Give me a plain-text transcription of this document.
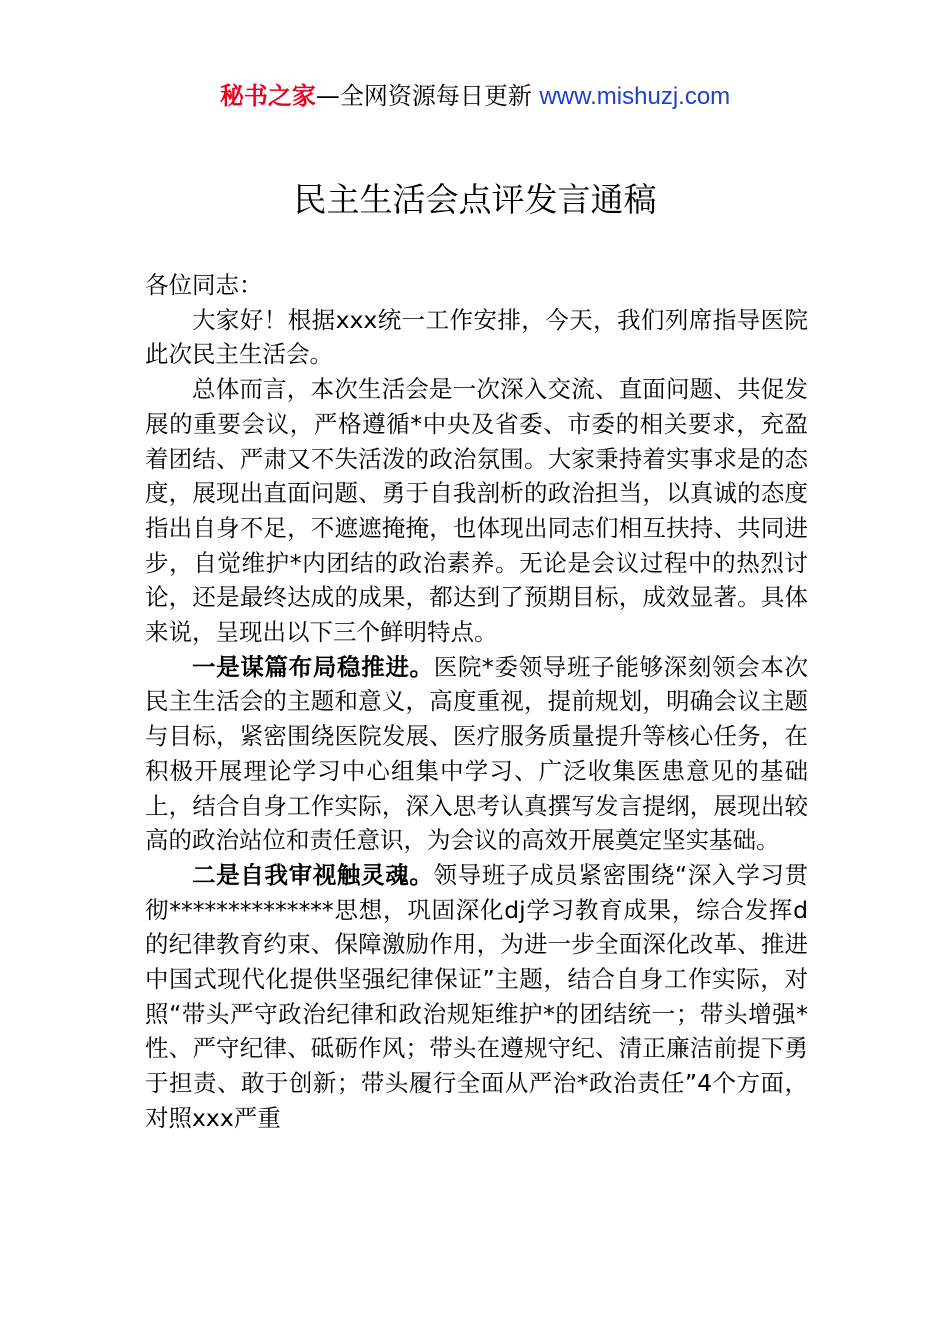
秘书之家—全网资源每日更新 www.mishuzj.com
民主生活会点评发言通稿

各位同志：

大家好！根据xxx统一工作安排，今天，我们列席指导医院此次民主生活会。

总体而言，本次生活会是一次深入交流、直面问题、共促发展的重要会议，严格遵循*中央及省委、市委的相关要求，充盈着团结、严肃又不失活泼的政治氛围。大家秉持着实事求是的态度，展现出直面问题、勇于自我剖析的政治担当，以真诚的态度指出自身不足，不遮遮掩掩，也体现出同志们相互扶持、共同进步，自觉维护*内团结的政治素养。无论是会议过程中的热烈讨论，还是最终达成的成果，都达到了预期目标，成效显著。具体来说，呈现出以下三个鲜明特点。

一是谋篇布局稳推进。医院*委领导班子能够深刻领会本次民主生活会的主题和意义，高度重视，提前规划，明确会议主题与目标，紧密围绕医院发展、医疗服务质量提升等核心任务，在积极开展理论学习中心组集中学习、广泛收集医患意见的基础上，结合自身工作实际，深入思考认真撰写发言提纲，展现出较高的政治站位和责任意识，为会议的高效开展奠定坚实基础。

二是自我审视触灵魂。领导班子成员紧密围绕“深入学习贯彻**************思想，巩固深化dj学习教育成果，综合发挥d的纪律教育约束、保障激励作用，为进一步全面深化改革、推进中国式现代化提供坚强纪律保证”主题，结合自身工作实际，对照“带头严守政治纪律和政治规矩维护*的团结统一；带头增强*性、严守纪律、砥砺作风；带头在遵规守纪、清正廉洁前提下勇于担责、敢于创新；带头履行全面从严治*政治责任”4个方面，对照xxx严重
